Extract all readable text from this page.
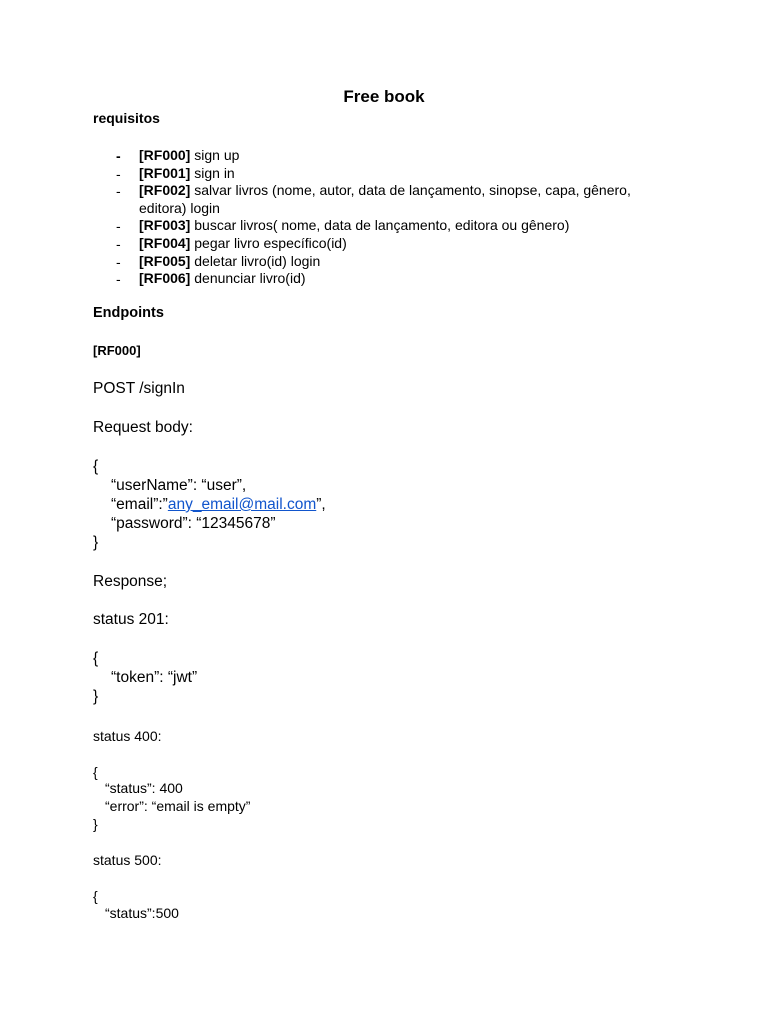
Free book
requisitos
- [RF000] sign up
- [RF001] sign in
- [RF002] salvar livros (nome, autor, data de lançamento, sinopse, capa, gênero,
editora) login
- [RF003] buscar livros( nome, data de lançamento, editora ou gênero)
- [RF004] pegar livro específico(id)
- [RF005] deletar livro(id) login
- [RF006] denunciar livro(id)
Endpoints
[RF000]
POST /signIn
Request body:
{
“userName”: “user”,
“email”:”any_email@mail.com”,
“password”: “12345678”
}
Response;
status 201:
{
“token”: “jwt”
}
status 400:
{
“status”: 400
“error”: “email is empty”
}
status 500:
{
“status”:500
